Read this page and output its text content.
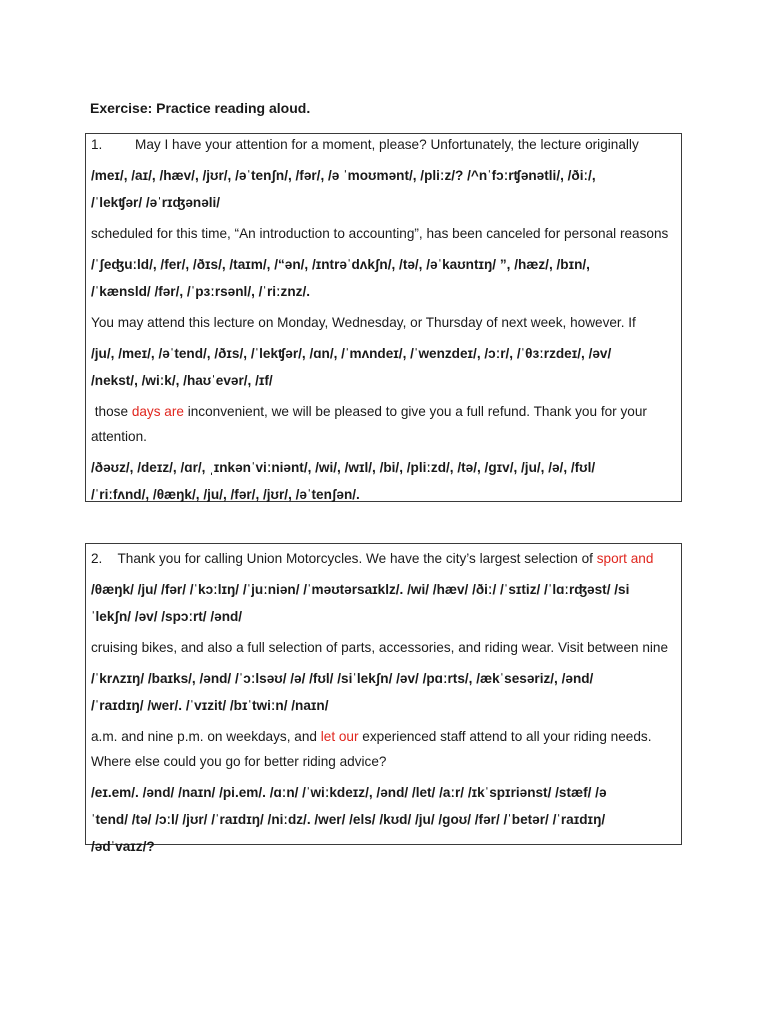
Exercise: Practice reading aloud.

1. May I have your attention for a moment, please? Unfortunately, the lecture originally

/meɪ/, /aɪ/, /hæv/, /jʊr/, /əˈtenʃn/, /fər/, /ə ˈmoʊmənt/, /pliːz/? /^nˈfɔːrʧənətli/, /ðiː/,

/ˈlekʧər/ /əˈrɪʤənəli/

scheduled for this time, “An introduction to accounting”, has been canceled for personal reasons

/ˈʃeʤuːld/, /fer/, /ðɪs/, /taɪm/, /“ən/, /ɪntrəˈdʌkʃn/, /tə/, /əˈkaʊntɪŋ/ ”, /hæz/, /bɪn/,

/ˈkænsld/ /fər/, /ˈpɜːrsənl/, /ˈriːznz/.

You may attend this lecture on Monday, Wednesday, or Thursday of next week, however. If

/ju/, /meɪ/, /əˈtend/, /ðɪs/, /ˈlekʧər/, /ɑn/, /ˈmʌndeɪ/, /ˈwenzdeɪ/, /ɔːr/, /ˈθɜːrzdeɪ/, /əv/

/nekst/, /wiːk/, /haʊˈevər/, /ɪf/

those days are inconvenient, we will be pleased to give you a full refund. Thank you for your

attention.

/ðəʊz/, /deɪz/, /ɑr/, ˌɪnkənˈviːniənt/, /wi/, /wɪl/, /bi/, /pliːzd/, /tə/, /gɪv/, /ju/, /ə/, /fʊl/

/ˈriːfʌnd/, /θæŋk/, /ju/, /fər/, /jʊr/, /əˈtenʃən/.

2. Thank you for calling Union Motorcycles. We have the city’s largest selection of sport and

/θæŋk/ /ju/ /fər/ /ˈkɔːlɪŋ/ /ˈjuːniən/ /ˈməʊtərsaɪklz/. /wi/ /hæv/ /ðiː/ /ˈsɪtiz/ /ˈlɑːrʤəst/ /si

ˈlekʃn/ /əv/ /spɔːrt/ /ənd/

cruising bikes, and also a full selection of parts, accessories, and riding wear. Visit between nine

/ˈkrʌzɪŋ/ /baɪks/, /ənd/ /ˈɔːlsəʊ/ /ə/ /fʊl/ /siˈlekʃn/ /əv/ /pɑːrts/, /ækˈsesəriz/, /ənd/

/ˈraɪdɪŋ/ /wer/. /ˈvɪzit/ /bɪˈtwiːn/ /naɪn/

a.m. and nine p.m. on weekdays, and let our experienced staff attend to all your riding needs.

Where else could you go for better riding advice?

/eɪ.em/. /ənd/ /naɪn/ /pi.em/. /ɑːn/ /ˈwiːkdeɪz/, /ənd/ /let/ /aːr/ /ɪkˈspɪriənst/ /stæf/ /ə

ˈtend/ /tə/ /ɔːl/ /jʊr/ /ˈraɪdɪŋ/ /niːdz/. /wer/ /els/ /kʊd/ /ju/ /goʊ/ /fər/ /ˈbetər/ /ˈraɪdɪŋ/

/ədˈvaɪz/?
